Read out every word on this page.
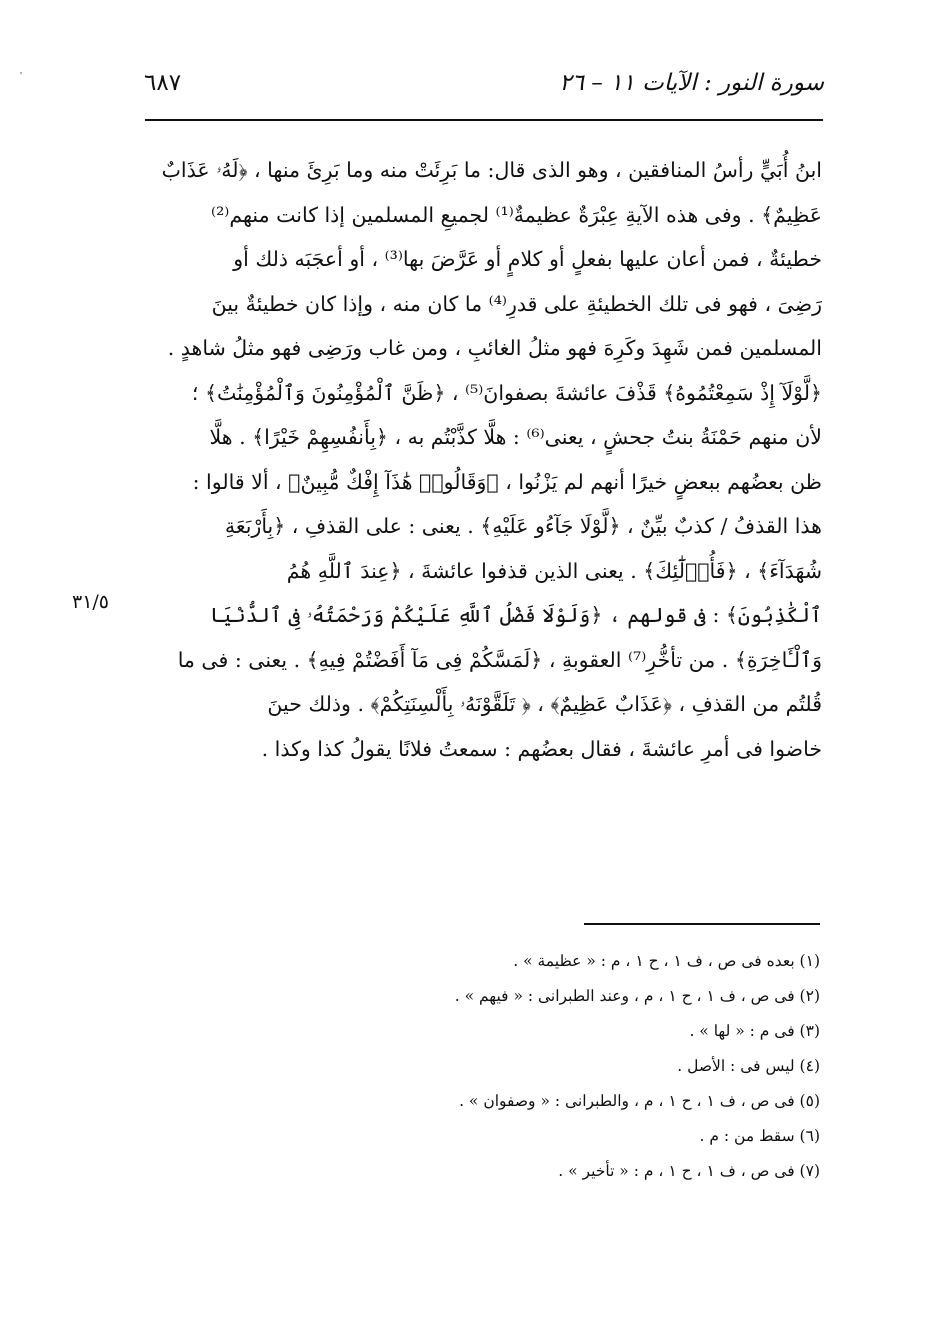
سورة النور : الآيات ١١ – ٢٦
٦٨٧
ابنُ أُبَيٍّ رأسُ المنافقين ، وهو الذى قال: ما بَرِئَتْ منه وما بَرِئَ منها ، ﴿لَهُۥ عَذَابٌ
عَظِيمٌ﴾ . وفى هذه الآيةِ عِبْرَةٌ عظيمةٌ⁽¹⁾ لجميعِ المسلمين إذا كانت منهم⁽²⁾
خطيئةٌ ، فمن أعان عليها بفعلٍ أو كلامٍ أو عَرَّضَ بها⁽³⁾ ، أو أعجَبَه ذلك أو
رَضِىَ ، فهو فى تلك الخطيئةِ على قدرِ⁽⁴⁾ ما كان منه ، وإذا كان خطيئةٌ بينَ
المسلمين فمن شَهِدَ وكَرِهَ فهو مثلُ الغائبِ ، ومن غاب ورَضِى فهو مثلُ شاهدٍ .
﴿لَّوْلَآ إِذْ سَمِعْتُمُوهُ﴾ قَذْفَ عائشةَ بصفوانَ⁽⁵⁾ ، ﴿ظَنَّ ٱلْمُؤْمِنُونَ وَٱلْمُؤْمِنَٰتُ﴾ ؛
لأن منهم حَمْنَةُ بنتُ جحشٍ ، يعنى⁽⁶⁾ : هلَّا كذَّبْتُم به ، ﴿بِأَنفُسِهِمْ خَيْرًا﴾ . هلَّا
ظن بعضُهم ببعضٍ خيرًا أنهم لم يَزْنُوا ، ﴿وَقَالُوا۟ هَٰذَآ إِفْكٌ مُّبِينٌ﴾ ، ألا قالوا :
هذا القذفُ / كذبٌ بيِّنٌ ، ﴿لَّوْلَا جَآءُو عَلَيْهِ﴾ . يعنى : على القذفِ ، ﴿بِأَرْبَعَةِ
شُهَدَآءَ﴾ ، ﴿فَأُو۟لَٰٓئِكَ﴾ . يعنى الذين قذفوا عائشةَ ، ﴿عِندَ ٱللَّهِ هُمُ
ٱلْكَٰذِبُونَ﴾ : فى قولهم ، ﴿وَلَوْلَا فَضْلُ ٱللَّهِ عَلَيْكُمْ وَرَحْمَتُهُۥ فِى ٱلدُّنْيَا
وَٱلْـَٔاخِرَةِ﴾ . من تأخُّرِ⁽⁷⁾ العقوبةِ ، ﴿لَمَسَّكُمْ فِى مَآ أَفَضْتُمْ فِيهِ﴾ . يعنى : فى ما
قُلتُم من القذفِ ، ﴿عَذَابٌ عَظِيمٌ﴾ ، ﴿ تَلَقَّوْنَهُۥ بِأَلْسِنَتِكُمْ﴾ . وذلك حينَ
خاضوا فى أمرِ عائشةَ ، فقال بعضُهم : سمعتُ فلانًا يقولُ كذا وكذا .
٣١/٥
(١) بعده فى ص ، ف ١ ، ح ١ ، م : « عظيمة » .
(٢) فى ص ، ف ١ ، ح ١ ، م ، وعند الطبرانى : « فيهم » .
(٣) فى م : « لها » .
(٤) ليس فى : الأصل .
(٥) فى ص ، ف ١ ، ح ١ ، م ، والطبرانى : « وصفوان » .
(٦) سقط من : م .
(٧) فى ص ، ف ١ ، ح ١ ، م : « تأخير » .
